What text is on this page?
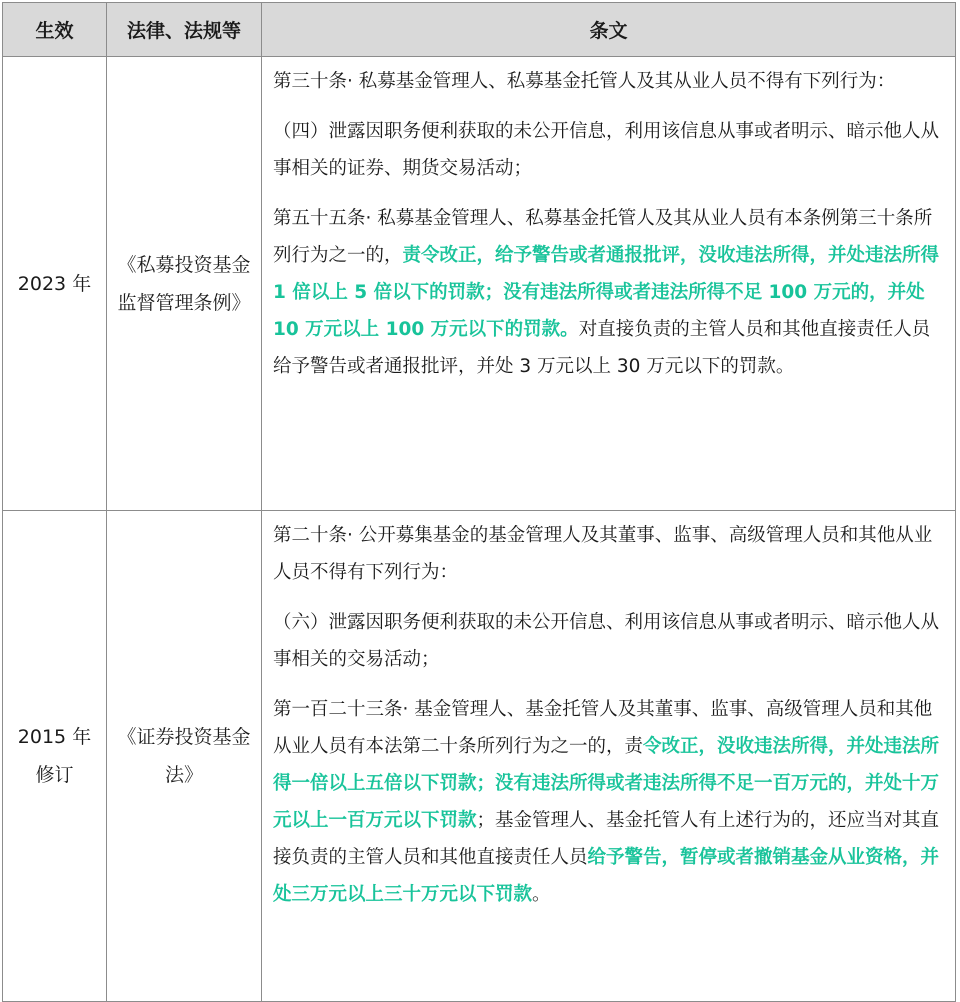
生效	法律、法规等	条文
2023 年	《私募投资基金监督管理条例》	第三十条· 私募基金管理人、私募基金托管人及其从业人员不得有下列行为：

（四）泄露因职务便利获取的未公开信息，利用该信息从事或者明示、暗示他人从事相关的证券、期货交易活动；

第五十五条· 私募基金管理人、私募基金托管人及其从业人员有本条例第三十条所列行为之一的，责令改正，给予警告或者通报批评，没收违法所得，并处违法所得 1 倍以上 5 倍以下的罚款；没有违法所得或者违法所得不足 100 万元的，并处 10 万元以上 100 万元以下的罚款。对直接负责的主管人员和其他直接责任人员给予警告或者通报批评，并处 3 万元以上 30 万元以下的罚款。

2015 年修订	《证券投资基金法》	第二十条· 公开募集基金的基金管理人及其董事、监事、高级管理人员和其他从业人员不得有下列行为：

（六）泄露因职务便利获取的未公开信息、利用该信息从事或者明示、暗示他人从事相关的交易活动；

第一百二十三条· 基金管理人、基金托管人及其董事、监事、高级管理人员和其他从业人员有本法第二十条所列行为之一的，责令改正，没收违法所得，并处违法所得一倍以上五倍以下罚款；没有违法所得或者违法所得不足一百万元的，并处十万元以上一百万元以下罚款；基金管理人、基金托管人有上述行为的，还应当对其直接负责的主管人员和其他直接责任人员给予警告，暂停或者撤销基金从业资格，并处三万元以上三十万元以下罚款。
